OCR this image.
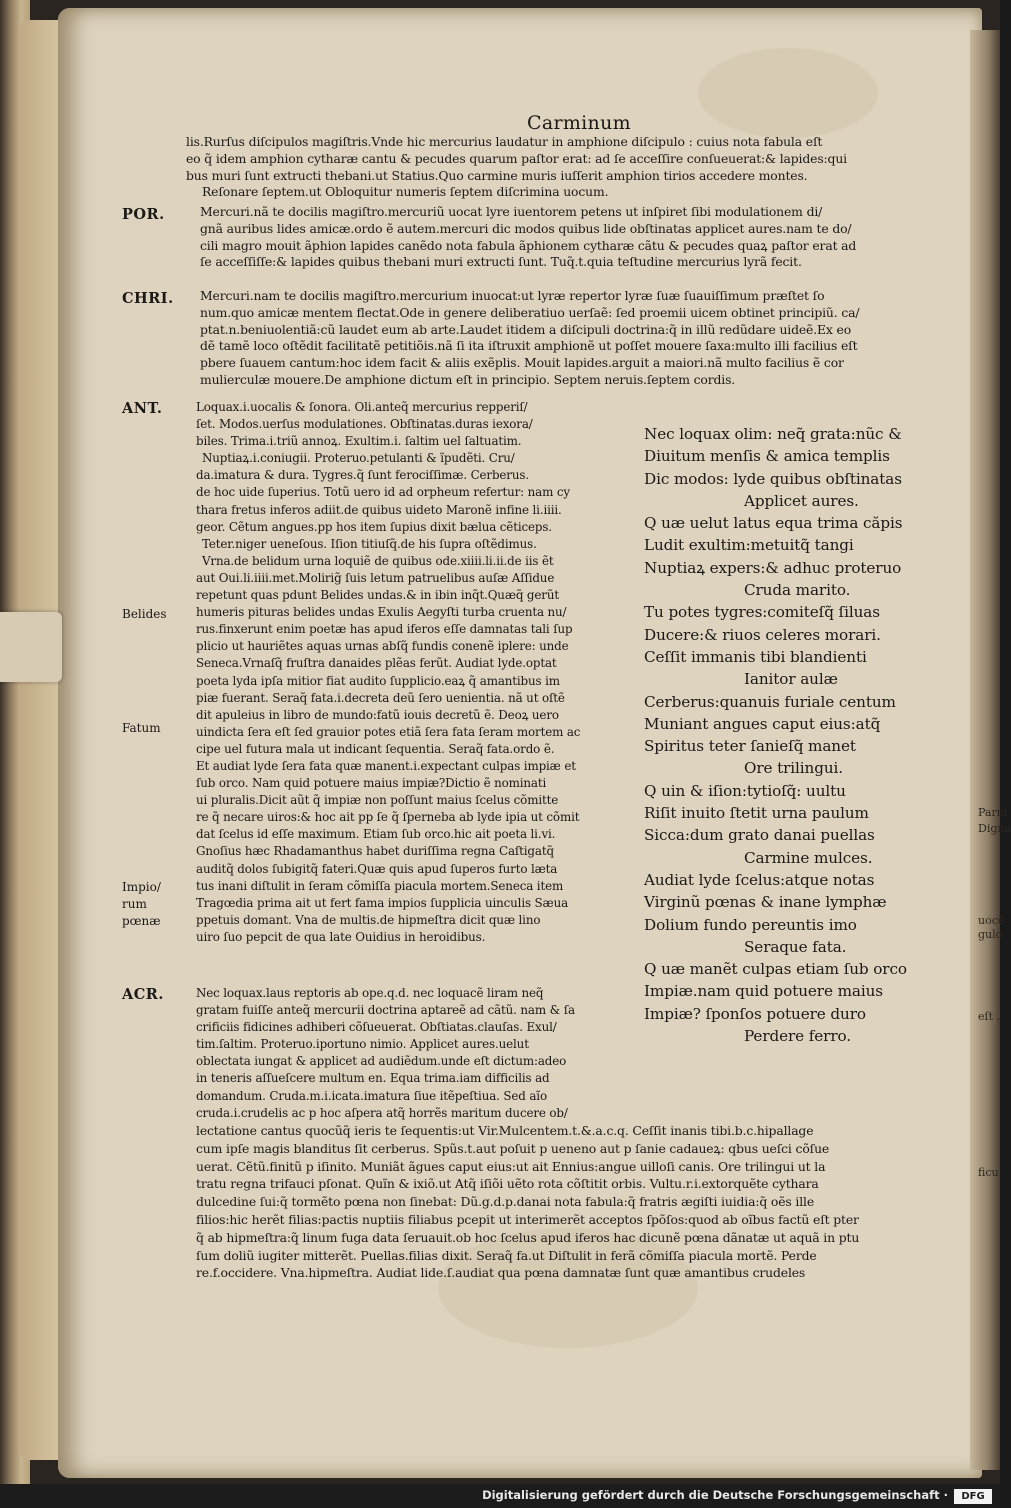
Carminum
lis.Rurſus diſcipulos magiſtris.Vnde hic mercurius laudatur in amphione diſcipulo : cuius nota fabula eſt
eo q̃ idem amphion cytharæ cantu & pecudes quarum paſtor erat: ad ſe acceſſire conſueuerat:& lapides:qui
bus muri ſunt extructi thebani.ut Statius.Quo carmine muris iuſſerit amphion tirios accedere montes.
Reſonare ſeptem.ut Obloquitur numeris ſeptem diſcrimina uocum.
POR.	Mercuri.nã te docilis magiſtro.mercuriũ uocat lyre iuentorem petens ut inſpiret ſibi modulationem di/
gnã auribus lides amicæ.ordo ẽ autem.mercuri dic modos quibus lide obſtinatas applicet aures.nam te do/
cili magro mouit ãphion lapides canẽdo nota fabula ãphionem cytharæ cãtu & pecudes quaꝝ paſtor erat ad
ſe acceſſiſſe:& lapides quibus thebani muri extructi ſunt. Tuq̃.t.quia teſtudine mercurius lyrã fecit.
CHRI. Mercuri.nam te docilis magiſtro.mercurium inuocat:ut lyræ repertor lyræ ſuæ ſuauiſſimum præſtet ſo
num.quo amicæ mentem flectat.Ode in genere deliberatiuo uerſaẽ: ſed proemii uicem obtinet principiũ. ca/
ptat.n.beniuolentiã:cũ laudet eum ab arte.Laudet itidem a diſcipuli doctrina:q̃ in illũ redũdare uideẽ.Ex eo
dẽ tamẽ loco oſtẽdit facilitatẽ petitiõis.nã ſi ita iſtruxit amphionẽ ut poſſet mouere ſaxa:multo illi facilius eſt
pbere ſuauem cantum:hoc idem facit & aliis exẽplis. Mouit lapides.arguit a maiori.nã multo facilius ẽ cor
mulierculæ mouere.De amphione dictum eſt in principio. Septem neruis.ſeptem cordis.
ANT.	Loquax.i.uocalis & ſonora. Oli.anteq̃ mercurius repperiſ/
ſet. Modos.uerſus modulationes. Obſtinatas.duras iexora/
biles. Trima.i.triũ annoꝝ. Exultim.i. ſaltim uel ſaltuatim.
Nuptiaꝝ.i.coniugii. Proteruo.petulanti & ĩpudẽti. Cru/
da.imatura & dura. Tygres.q̃ ſunt ferociſſimæ. Cerberus.
de hoc uide ſuperius. Totũ uero id ad orpheum refertur: nam cy
thara fretus inferos adiit.de quibus uideto Maronẽ infine li.iiii.
geor. Cẽtum angues.pp hos item ſupius dixit bælua cẽticeps.
Teter.niger ueneſous. Iſion titiuſq̃.de his ſupra oſtẽdimus.
Vrna.de belidum urna loquiẽ de quibus ode.xiiii.li.ii.de iis ẽt
aut Oui.li.iiii.met.Molirig̃ ſuis letum patruelibus auſæ Aſſidue
repetunt quas pdunt Belides undas.& in ibin inq̃t.Quæq̃ gerũt
humeris pituras belides undas Exulis Aegyſti turba cruenta nu/
rus.finxerunt enim poetæ has apud iferos eſſe damnatas tali ſup
plicio ut hauriẽtes aquas urnas abſq̃ fundis conenẽ iplere: unde
Seneca.Vrnaſq̃ fruſtra danaides plẽas ferũt. Audiat lyde.optat
poeta lyda ipſa mitior fiat audito ſupplicio.eaꝝ q̃ amantibus im
piæ fuerant. Seraq̃ fata.i.decreta deũ ſero uenientia. nã ut oſtẽ
dit apuleius in libro de mundo:fatũ iouis decretũ ẽ. Deoꝝ uero
uindicta ſera eſt ſed grauior potes etiã ſera fata ſeram mortem ac
cipe uel futura mala ut indicant ſequentia. Seraq̃ fata.ordo ẽ.
Et audiat lyde ſera fata quæ manent.i.expectant culpas impiæ et
ſub orco. Nam quid potuere maius impiæ?Dictio ẽ nominati
ui pluralis.Dicit aũt q̃ impiæ non poſſunt maius ſcelus cõmitte
re q̃ necare uiros:& hoc ait pp ſe q̃ ſperneba ab lyde ipia ut cõmit
dat ſcelus id eſſe maximum. Etiam ſub orco.hic ait poeta li.vi.
Gnoſius hæc Rhadamanthus habet duriſſima regna Caſtigatq̃
auditq̃ dolos ſubigitq̃ fateri.Quæ quis apud ſuperos furto læta
tus inani diſtulit in ſeram cõmiſſa piacula mortem.Seneca item
Tragœdia prima ait ut fert fama impios ſupplicia uinculis Sæua
ppetuis domant. Vna de multis.de hipmeſtra dicit quæ lino
uiro ſuo pepcit de qua late Ouidius in heroidibus.
Belides
Fatum
Impio/
rum
pœnæ
ACR.	Nec loquax.laus reptoris ab ope.q.d. nec loquacẽ liram neq̃
gratam fuiſſe anteq̃ mercurii doctrina aptareẽ ad cãtũ. nam & ſa
crificiis fidicines adhiberi cõſueuerat. Obſtiatas.clauſas. Exul/
tim.ſaltim. Proteruo.iportuno nimio. Applicet aures.uelut
oblectata iungat & applicet ad audiẽdum.unde eſt dictum:adeo
in teneris aſſueſcere multum en. Equa trima.iam difficilis ad
domandum. Cruda.m.i.icata.imatura ſiue itẽpeſtiua. Sed aĩo
cruda.i.crudelis ac p hoc aſpera atq̃ horrẽs maritum ducere ob/
lectatione cantus quocũq̃ ieris te ſequentis:ut Vir.Mulcentem.t.&.a.c.q. Ceſſit inanis tibi.b.c.hipallage
cum ipſe magis blanditus ſit cerberus. Spũs.t.aut poſuit p ueneno aut p ſanie cadaueꝝ: qbus ueſci cõſue
uerat. Cẽtũ.finitũ p iſinito. Muniãt ãgues caput eius:ut ait Ennius:angue uilloſi canis. Ore trilingui ut la
tratu regna trifauci pſonat. Quĩn & ixiõ.ut Atq̃ iſiõi uẽto rota cõſtitit orbis. Vultu.r.i.extorquẽte cythara
dulcedine ſui:q̃ tormẽto pœna non ſinebat: Dũ.g.d.p.danai nota fabula:q̃ fratris ægiſti iuidia:q̃ oẽs ille
filios:hic herẽt filias:pactis nuptiis filiabus pcepit ut interimerẽt acceptos ſpõſos:quod ab oĩbus factũ eſt pter
q̃ ab hipmeſtra:q̃ linum fuga data ſeruauit.ob hoc ſcelus apud iferos hac dicunẽ pœna dãnatæ ut aquã in ptu
ſum doliũ iugiter mitterẽt. Puellas.filias dixit. Seraq̃ fa.ut Diſtulit in ferã cõmiſſa piacula mortẽ. Perde
re.f.occidere. Vna.hipmeſtra. Audiat lide.ſ.audiat qua pœna damnatæ ſunt quæ amantibus crudeles
Nec loquax olim: neq̃ grata:nũc &
Diuitum menſis & amica templis
Dic modos: lyde quibus obſtinatas
Applicet aures.
Q uæ uelut latus equa trima căpis
Ludit exultim:metuitq̃ tangi
Nuptiaꝝ expers:& adhuc proteruo
Cruda marito.
Tu potes tygres:comiteſq̃ ſiluas
Ducere:& riuos celeres morari.
Ceſſit immanis tibi blandienti
Ianitor aulæ
Cerberus:quanuis furiale centum
Muniant angues caput eius:atq̃
Spiritus teter ſanieſq̃ manet
Ore trilingui.
Q uin & iſion:tytioſq̃: uultu
Riſit inuito ſtetit urna paulum
Sicca:dum grato danai puellas
Carmine mulces.
Audiat lyde ſcelus:atque notas
Virginũ pœnas & inane lymphæ
Dolium fundo pereuntis imo
Seraque fata.
Q uæ manẽt culpas etiam ſub orco
Impiæ.nam quid potuere maius
Impiæ? ſponſos potuere duro
Perdere ferro.
Parni
Digna
uocẽ
gulo
eſt .
ficu
Digitalisierung gefördert durch die Deutsche Forschungsgemeinschaft ·	DFG
